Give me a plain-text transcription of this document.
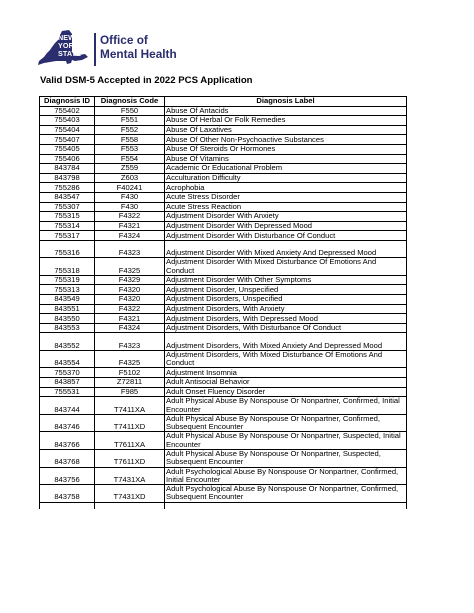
NEW
YORK
STATE
Office of
Mental Health
Valid DSM-5 Accepted in 2022 PCS Application
Diagnosis ID	Diagnosis Code	Diagnosis Label
755402	F550	Abuse Of Antacids
755403	F551	Abuse Of Herbal Or Folk Remedies
755404	F552	Abuse Of Laxatives
755407	F558	Abuse Of Other Non-Psychoactive Substances
755405	F553	Abuse Of Steroids Or Hormones
755406	F554	Abuse Of Vitamins
843784	Z559	Academic Or Educational Problem
843798	Z603	Acculturation Difficulty
755286	F40241	Acrophobia
843547	F430	Acute Stress Disorder
755307	F430	Acute Stress Reaction
755315	F4322	Adjustment Disorder With Anxiety
755314	F4321	Adjustment Disorder With Depressed Mood
755317	F4324	Adjustment Disorder With Disturbance Of Conduct
755316	F4323	Adjustment Disorder With Mixed Anxiety And Depressed Mood
755318	F4325	Adjustment Disorder With Mixed Disturbance Of Emotions And Conduct
755319	F4329	Adjustment Disorder With Other Symptoms
755313	F4320	Adjustment Disorder, Unspecified
843549	F4320	Adjustment Disorders, Unspecified
843551	F4322	Adjustment Disorders, With Anxiety
843550	F4321	Adjustment Disorders, With Depressed Mood
843553	F4324	Adjustment Disorders, With Disturbance Of Conduct
843552	F4323	Adjustment Disorders, With Mixed Anxiety And Depressed Mood
843554	F4325	Adjustment Disorders, With Mixed Disturbance Of Emotions And Conduct
755370	F5102	Adjustment Insomnia
843857	Z72811	Adult Antisocial Behavior
755531	F985	Adult Onset Fluency Disorder
843744	T7411XA	Adult Physical Abuse By Nonspouse Or Nonpartner, Confirmed, Initial Encounter
843746	T7411XD	Adult Physical Abuse By Nonspouse Or Nonpartner, Confirmed, Subsequent Encounter
843766	T7611XA	Adult Physical Abuse By Nonspouse Or Nonpartner, Suspected, Initial Encounter
843768	T7611XD	Adult Physical Abuse By Nonspouse Or Nonpartner, Suspected, Subsequent Encounter
843756	T7431XA	Adult Psychological Abuse By Nonspouse Or Nonpartner, Confirmed, Initial Encounter
843758	T7431XD	Adult Psychological Abuse By Nonspouse Or Nonpartner, Confirmed, Subsequent Encounter
